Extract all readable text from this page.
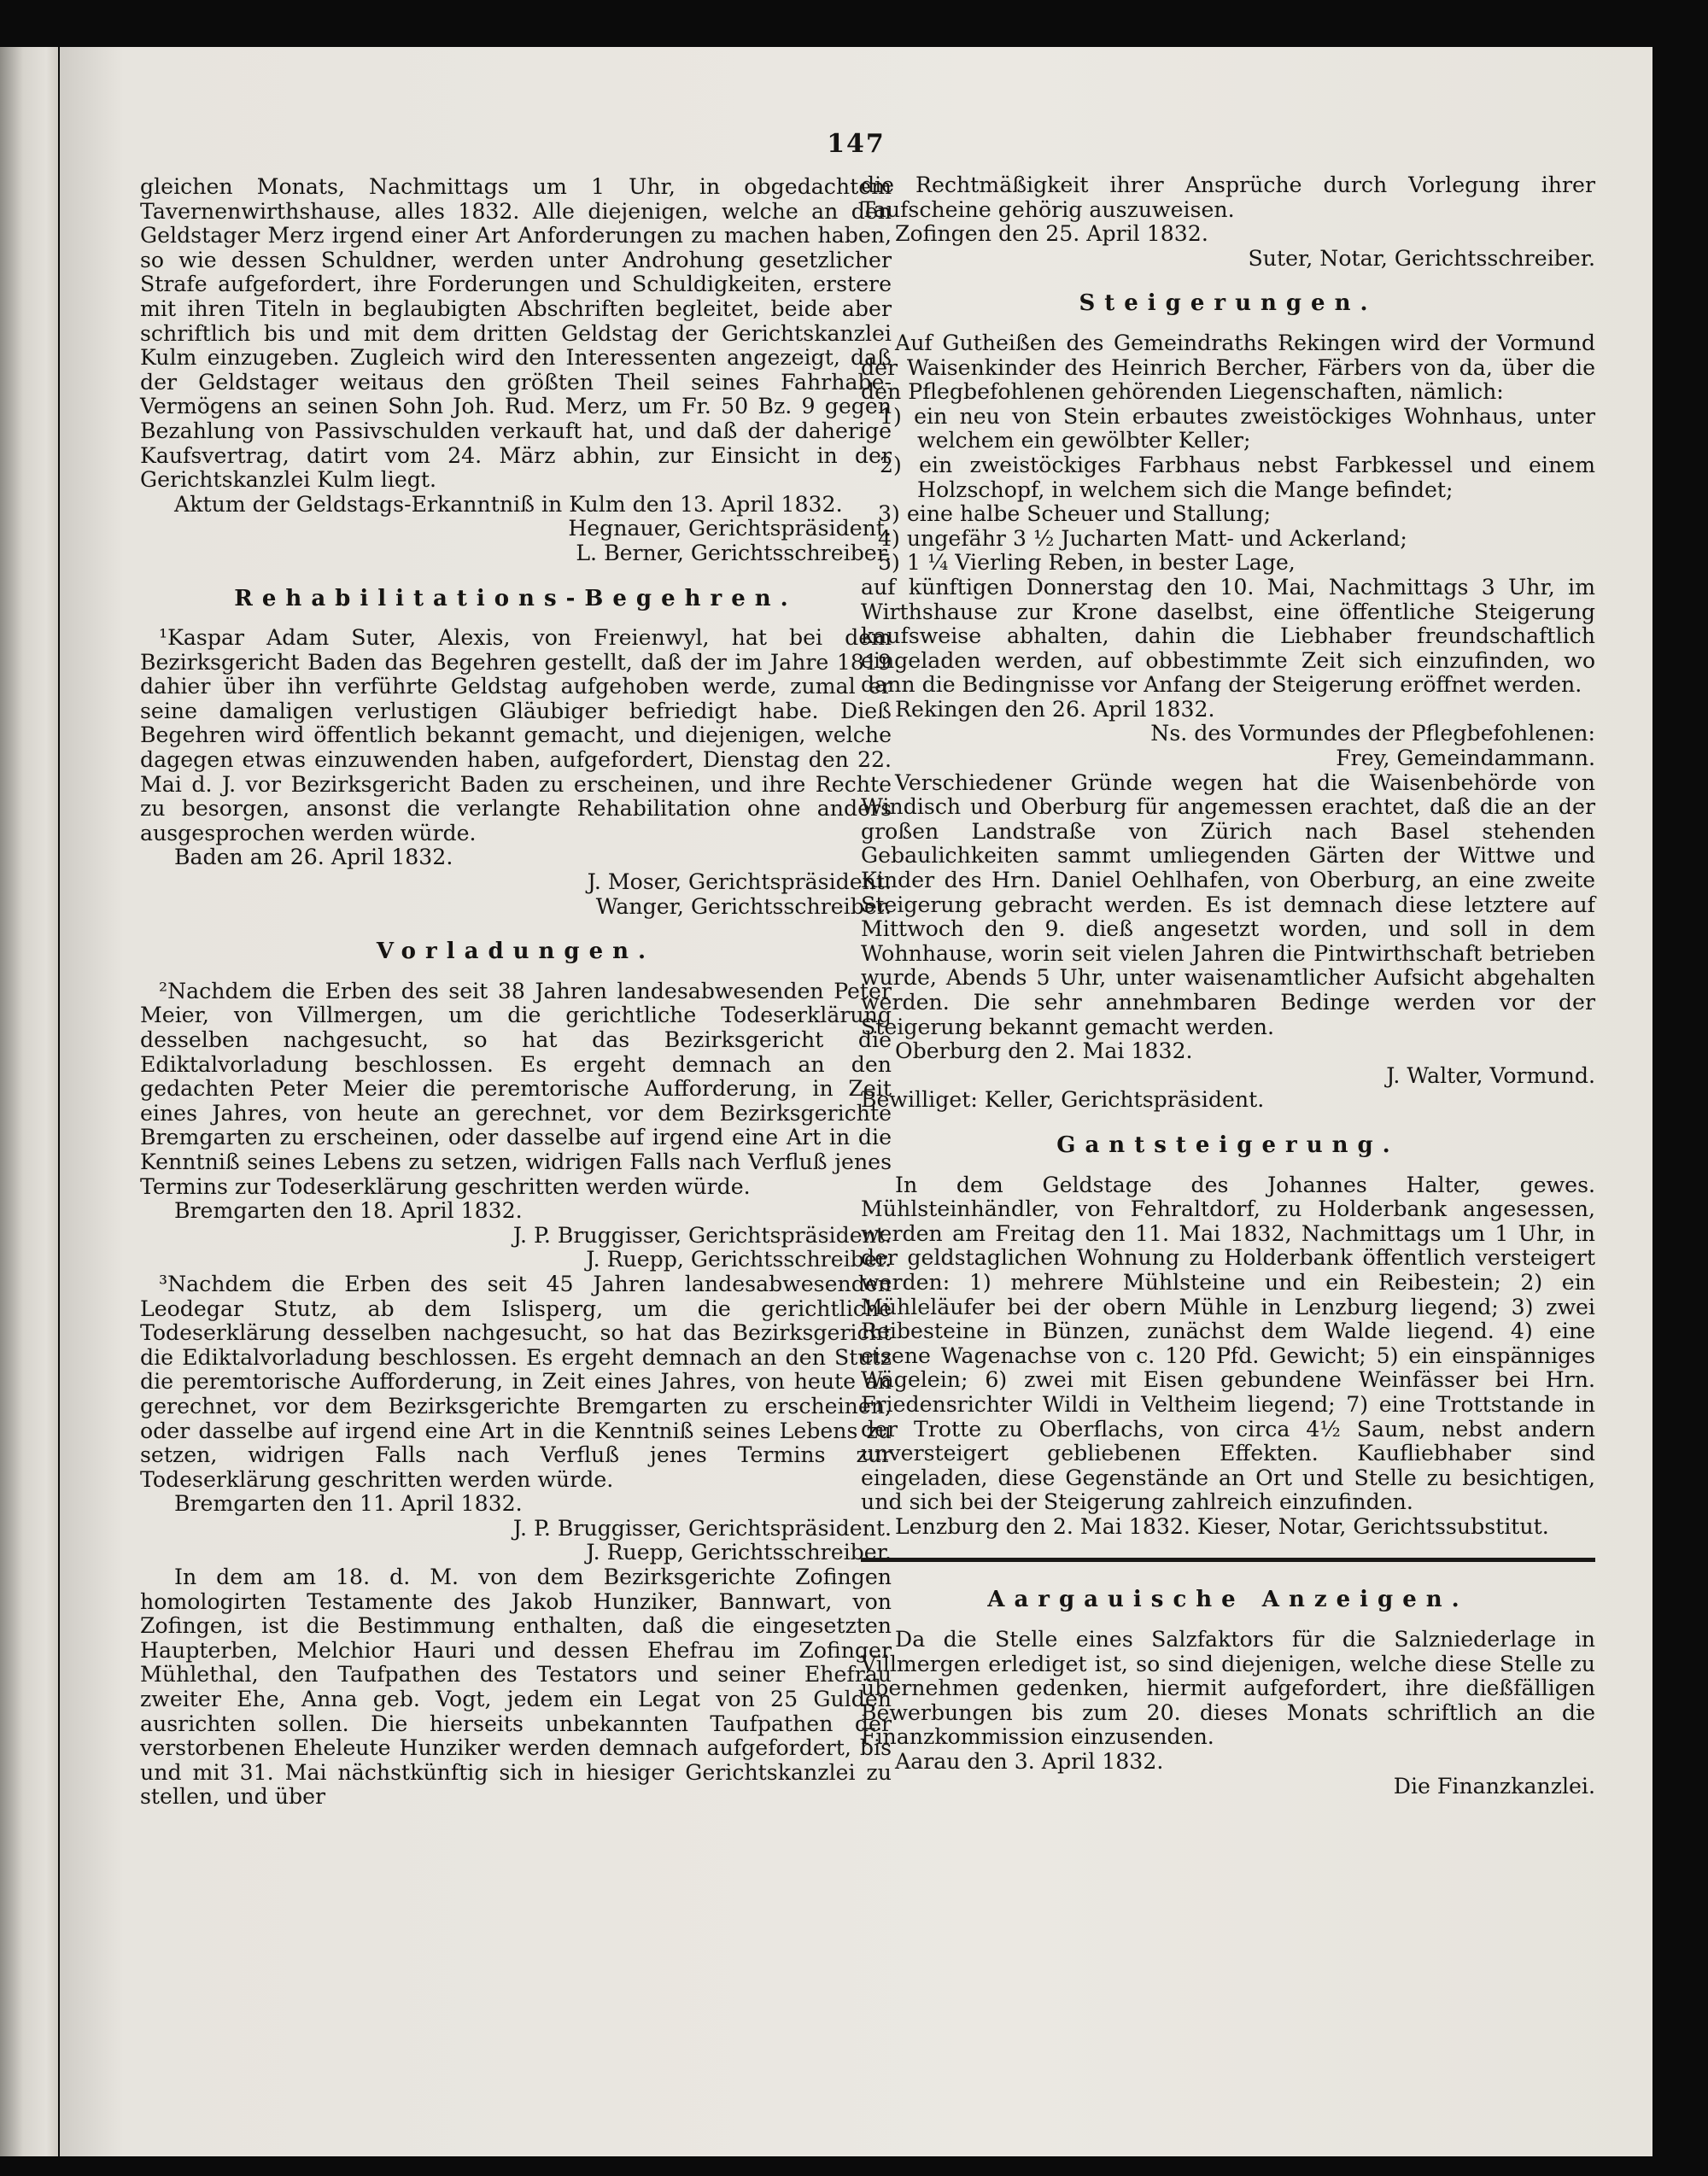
147

gleichen Monats, Nachmittags um 1 Uhr, in obgedachtem Tavernenwirthshause, alles 1832. Alle diejenigen, welche an den Geldstager Merz irgend einer Art Anforderungen zu machen haben, so wie dessen Schuldner, werden unter Androhung gesetzlicher Strafe aufgefordert, ihre Forderungen und Schuldigkeiten, erstere mit ihren Titeln in beglaubigten Abschriften begleitet, beide aber schriftlich bis und mit dem dritten Geldstag der Gerichtskanzlei Kulm einzugeben. Zugleich wird den Interessenten angezeigt, daß der Geldstager weitaus den größten Theil seines Fahrhabe-Vermögens an seinen Sohn Joh. Rud. Merz, um Fr. 50 Bz. 9 gegen Bezahlung von Passivschulden verkauft hat, und daß der daherige Kaufsvertrag, datirt vom 24. März abhin, zur Einsicht in der Gerichtskanzlei Kulm liegt.

Aktum der Geldstags-Erkanntniß in Kulm den 13. April 1832.

Hegnauer, Gerichtspräsident.

L. Berner, Gerichtsschreiber.

Rehabilitations-Begehren.

¹Kaspar Adam Suter, Alexis, von Freienwyl, hat bei dem Bezirksgericht Baden das Begehren gestellt, daß der im Jahre 1819 dahier über ihn verführte Geldstag aufgehoben werde, zumal er seine damaligen verlustigen Gläubiger befriedigt habe. Dieß Begehren wird öffentlich bekannt gemacht, und diejenigen, welche dagegen etwas einzuwenden haben, aufgefordert, Dienstag den 22. Mai d. J. vor Bezirksgericht Baden zu erscheinen, und ihre Rechte zu besorgen, ansonst die verlangte Rehabilitation ohne anders ausgesprochen werden würde.

Baden am 26. April 1832.

J. Moser, Gerichtspräsident.

Wanger, Gerichtsschreiber.

Vorladungen.

²Nachdem die Erben des seit 38 Jahren landesabwesenden Peter Meier, von Villmergen, um die gerichtliche Todeserklärung desselben nachgesucht, so hat das Bezirksgericht die Ediktalvorladung beschlossen. Es ergeht demnach an den gedachten Peter Meier die peremtorische Aufforderung, in Zeit eines Jahres, von heute an gerechnet, vor dem Bezirksgerichte Bremgarten zu erscheinen, oder dasselbe auf irgend eine Art in die Kenntniß seines Lebens zu setzen, widrigen Falls nach Verfluß jenes Termins zur Todeserklärung geschritten werden würde.

Bremgarten den 18. April 1832.

J. P. Bruggisser, Gerichtspräsident.

J. Ruepp, Gerichtsschreiber.

³Nachdem die Erben des seit 45 Jahren landesabwesenden Leodegar Stutz, ab dem Islisperg, um die gerichtliche Todeserklärung desselben nachgesucht, so hat das Bezirksgericht die Ediktalvorladung beschlossen. Es ergeht demnach an den Stutz die peremtorische Aufforderung, in Zeit eines Jahres, von heute an gerechnet, vor dem Bezirksgerichte Bremgarten zu erscheinen, oder dasselbe auf irgend eine Art in die Kenntniß seines Lebens zu setzen, widrigen Falls nach Verfluß jenes Termins zur Todeserklärung geschritten werden würde.

Bremgarten den 11. April 1832.

J. P. Bruggisser, Gerichtspräsident.

J. Ruepp, Gerichtsschreiber.

In dem am 18. d. M. von dem Bezirksgerichte Zofingen homologirten Testamente des Jakob Hunziker, Bannwart, von Zofingen, ist die Bestimmung enthalten, daß die eingesetzten Haupterben, Melchior Hauri und dessen Ehefrau im Zofinger Mühlethal, den Taufpathen des Testators und seiner Ehefrau zweiter Ehe, Anna geb. Vogt, jedem ein Legat von 25 Gulden ausrichten sollen. Die hierseits unbekannten Taufpathen der verstorbenen Eheleute Hunziker werden demnach aufgefordert, bis und mit 31. Mai nächstkünftig sich in hiesiger Gerichtskanzlei zu stellen, und über

die Rechtmäßigkeit ihrer Ansprüche durch Vorlegung ihrer Taufscheine gehörig auszuweisen.

Zofingen den 25. April 1832.

Suter, Notar, Gerichtsschreiber.

Steigerungen.

Auf Gutheißen des Gemeindraths Rekingen wird der Vormund der Waisenkinder des Heinrich Bercher, Färbers von da, über die den Pflegbefohlenen gehörenden Liegenschaften, nämlich:

1) ein neu von Stein erbautes zweistöckiges Wohnhaus, unter welchem ein gewölbter Keller;

2) ein zweistöckiges Farbhaus nebst Farbkessel und einem Holzschopf, in welchem sich die Mange befindet;

3) eine halbe Scheuer und Stallung;

4) ungefähr 3 ½ Jucharten Matt- und Ackerland;

5) 1 ¼ Vierling Reben, in bester Lage,

auf künftigen Donnerstag den 10. Mai, Nachmittags 3 Uhr, im Wirthshause zur Krone daselbst, eine öffentliche Steigerung kaufsweise abhalten, dahin die Liebhaber freundschaftlich eingeladen werden, auf obbestimmte Zeit sich einzufinden, wo dann die Bedingnisse vor Anfang der Steigerung eröffnet werden.

Rekingen den 26. April 1832.

Ns. des Vormundes der Pflegbefohlenen:

Frey, Gemeindammann.

Verschiedener Gründe wegen hat die Waisenbehörde von Windisch und Oberburg für angemessen erachtet, daß die an der großen Landstraße von Zürich nach Basel stehenden Gebaulichkeiten sammt umliegenden Gärten der Wittwe und Kinder des Hrn. Daniel Oehlhafen, von Oberburg, an eine zweite Steigerung gebracht werden. Es ist demnach diese letztere auf Mittwoch den 9. dieß angesetzt worden, und soll in dem Wohnhause, worin seit vielen Jahren die Pintwirthschaft betrieben wurde, Abends 5 Uhr, unter waisenamtlicher Aufsicht abgehalten werden. Die sehr annehmbaren Bedinge werden vor der Steigerung bekannt gemacht werden.

Oberburg den 2. Mai 1832.

J. Walter, Vormund.

Bewilliget: Keller, Gerichtspräsident.

Gantsteigerung.

In dem Geldstage des Johannes Halter, gewes. Mühlsteinhändler, von Fehraltdorf, zu Holderbank angesessen, werden am Freitag den 11. Mai 1832, Nachmittags um 1 Uhr, in der geldstaglichen Wohnung zu Holderbank öffentlich versteigert werden: 1) mehrere Mühlsteine und ein Reibestein; 2) ein Mühleläufer bei der obern Mühle in Lenzburg liegend; 3) zwei Reibesteine in Bünzen, zunächst dem Walde liegend. 4) eine eisene Wagenachse von c. 120 Pfd. Gewicht; 5) ein einspänniges Wägelein; 6) zwei mit Eisen gebundene Weinfässer bei Hrn. Friedensrichter Wildi in Veltheim liegend; 7) eine Trottstande in der Trotte zu Oberflachs, von circa 4½ Saum, nebst andern unversteigert gebliebenen Effekten. Kaufliebhaber sind eingeladen, diese Gegenstände an Ort und Stelle zu besichtigen, und sich bei der Steigerung zahlreich einzufinden.

Lenzburg den 2. Mai 1832. Kieser, Notar, Gerichtssubstitut.

Aargauische Anzeigen.

Da die Stelle eines Salzfaktors für die Salzniederlage in Villmergen erlediget ist, so sind diejenigen, welche diese Stelle zu übernehmen gedenken, hiermit aufgefordert, ihre dießfälligen Bewerbungen bis zum 20. dieses Monats schriftlich an die Finanzkommission einzusenden.

Aarau den 3. April 1832.

Die Finanzkanzlei.
